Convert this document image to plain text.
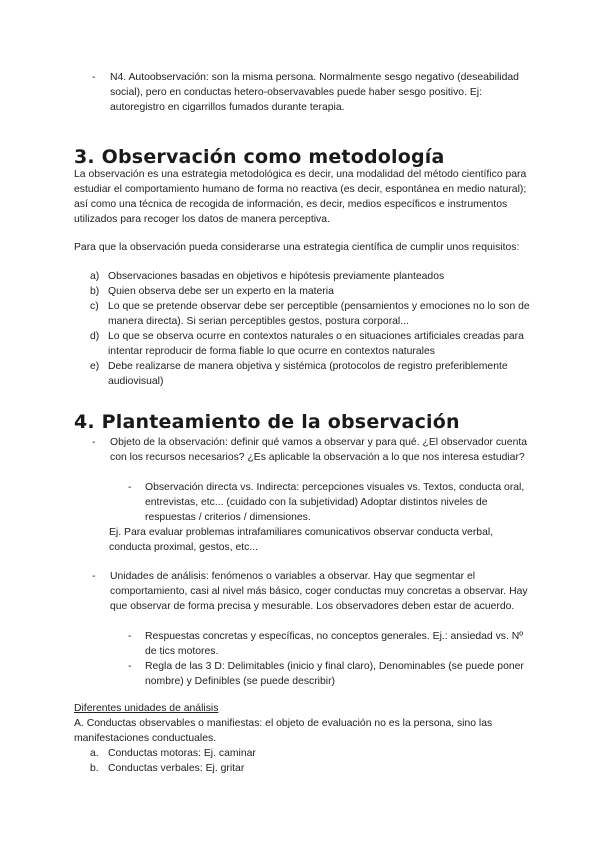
- N4. Autoobservación: son la misma persona. Normalmente sesgo negativo (deseabilidad social), pero en conductas hetero-observavables puede haber sesgo positivo. Ej: autoregistro en cigarrillos fumados durante terapia.
3. Observación como metodología

La observación es una estrategia metodológica es decir, una modalidad del método científico para estudiar el comportamiento humano de forma no reactiva (es decir, espontánea en medio natural); así como una técnica de recogida de información, es decir, medios específicos e instrumentos utilizados para recoger los datos de manera perceptiva.

Para que la observación pueda considerarse una estrategia científica de cumplir unos requisitos:

a) Observaciones basadas en objetivos e hipótesis previamente planteados
b) Quien observa debe ser un experto en la materia
c) Lo que se pretende observar debe ser perceptible (pensamientos y emociones no lo son de manera directa). Si serian perceptibles gestos, postura corporal...
d) Lo que se observa ocurre en contextos naturales o en situaciones artificiales creadas para intentar reproducir de forma fiable lo que ocurre en contextos naturales
e) Debe realizarse de manera objetiva y sistémica (protocolos de registro preferiblemente audiovisual)
4. Planteamiento de la observación
- Objeto de la observación: definir qué vamos a observar y para qué. ¿El observador cuenta con los recursos necesarios? ¿Es aplicable la observación a lo que nos interesa estudiar?
- Observación directa vs. Indirecta: percepciones visuales vs. Textos, conducta oral, entrevistas, etc... (cuidado con la subjetividad) Adoptar distintos niveles de respuestas / criterios / dimensiones.

Ej. Para evaluar problemas intrafamiliares comunicativos observar conducta verbal, conducta proximal, gestos, etc...

- Unidades de análisis: fenómenos o variables a observar. Hay que segmentar el comportamiento, casi al nivel más básico, coger conductas muy concretas a observar. Hay que observar de forma precisa y mesurable. Los observadores deben estar de acuerdo.
- Respuestas concretas y específicas, no conceptos generales. Ej.: ansiedad vs. Nº de tics motores.
- Regla de las 3 D: Delimitables (inicio y final claro), Denominables (se puede poner nombre) y Definibles (se puede describir)

Diferentes unidades de análisis

A. Conductas observables o manifiestas: el objeto de evaluación no es la persona, sino las manifestaciones conductuales.

a. Conductas motoras: Ej. caminar
b. Conductas verbales: Ej. gritar
